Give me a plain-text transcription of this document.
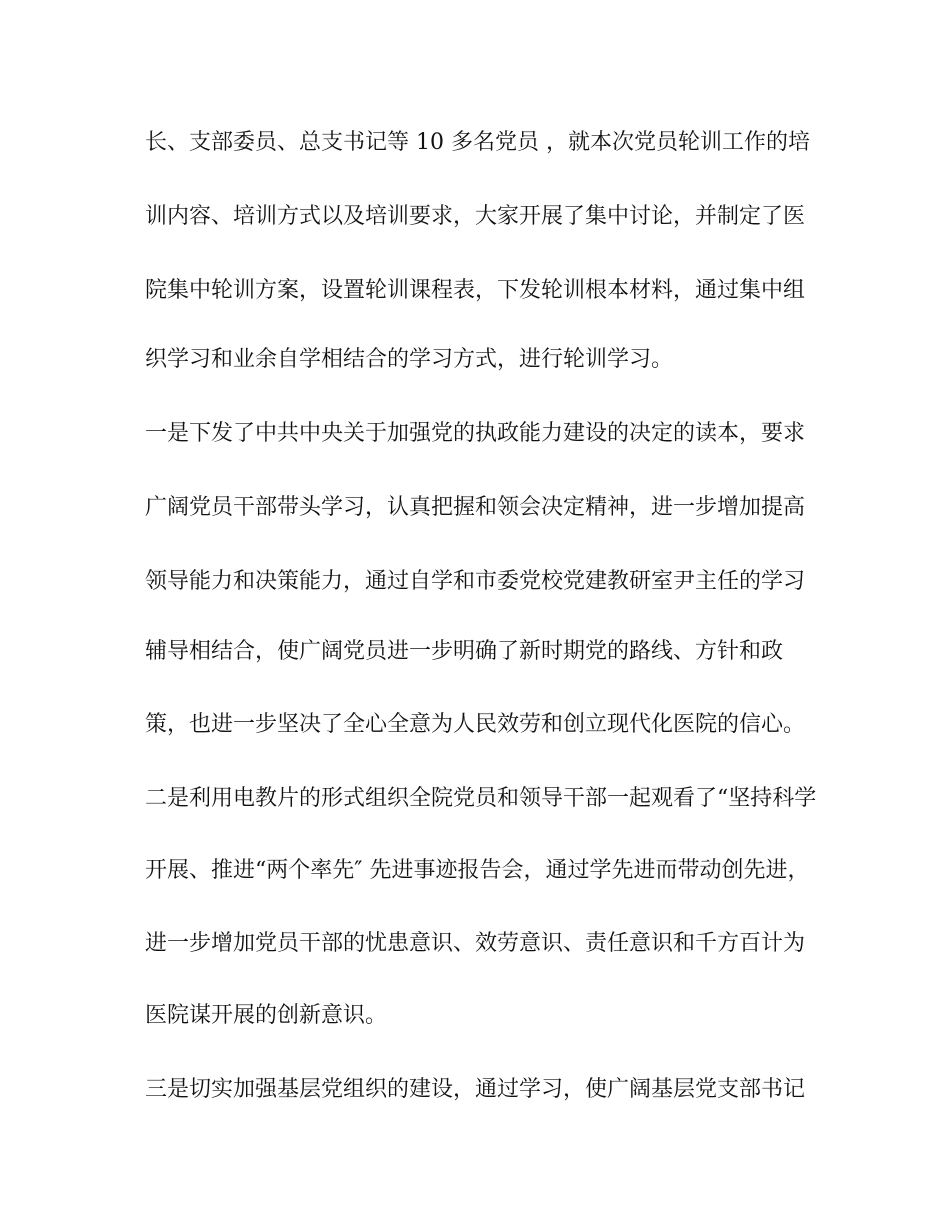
长、支部委员、总支书记等 10 多名党员 ，就本次党员轮训工作的培

训内容、培训方式以及培训要求，大家开展了集中讨论，并制定了医

院集中轮训方案，设置轮训课程表，下发轮训根本材料，通过集中组

织学习和业余自学相结合的学习方式，进行轮训学习。

一是下发了中共中央关于加强党的执政能力建设的决定的读本，要求

广阔党员干部带头学习，认真把握和领会决定精神，进一步增加提高

领导能力和决策能力，通过自学和市委党校党建教研室尹主任的学习

辅导相结合，使广阔党员进一步明确了新时期党的路线、方针和政

策，也进一步坚决了全心全意为人民效劳和创立现代化医院的信心。

二是利用电教片的形式组织全院党员和领导干部一起观看了“坚持科学

开展、推进“两个率先″ 先进事迹报告会，通过学先进而带动创先进，

进一步增加党员干部的忧患意识、效劳意识、责任意识和千方百计为

医院谋开展的创新意识。

三是切实加强基层党组织的建设，通过学习，使广阔基层党支部书记
